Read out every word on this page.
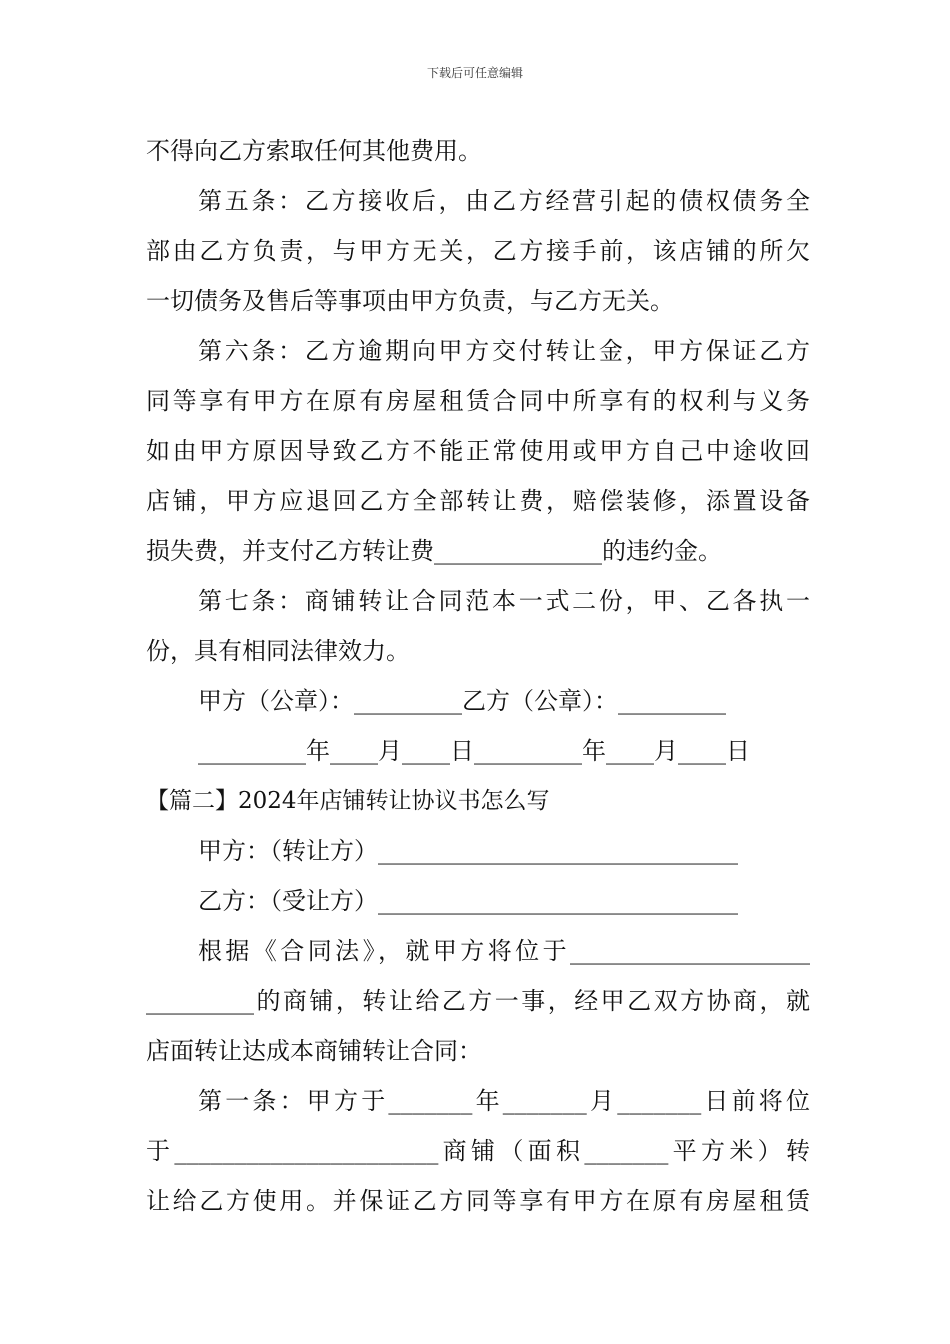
下载后可任意编辑
不得向乙方索取任何其他费用。
第五条：乙方接收后，由乙方经营引起的债权债务全
部由乙方负责，与甲方无关，乙方接手前，该店铺的所欠
一切债务及售后等事项由甲方负责，与乙方无关。
第六条：乙方逾期向甲方交付转让金，甲方保证乙方
同等享有甲方在原有房屋租赁合同中所享有的权利与义务
如由甲方原因导致乙方不能正常使用或甲方自己中途收回
店铺，甲方应退回乙方全部转让费，赔偿装修，添置设备
损失费，并支付乙方转让费______________的违约金。
第七条：商铺转让合同范本一式二份，甲、乙各执一
份，具有相同法律效力。
甲方（公章）：_________乙方（公章）：_________
_________年____月____日_________年____月____日
【篇二】2024年店铺转让协议书怎么写
甲方：（转让方）______________________________
乙方：（受让方）______________________________
根据《合同法》，就甲方将位于____________________
_________的商铺，转让给乙方一事，经甲乙双方协商，就
店面转让达成本商铺转让合同：
第一条：甲方于_______年_______月_______日前将位
于______________________商铺（面积_______平方米）转
让给乙方使用。并保证乙方同等享有甲方在原有房屋租赁
